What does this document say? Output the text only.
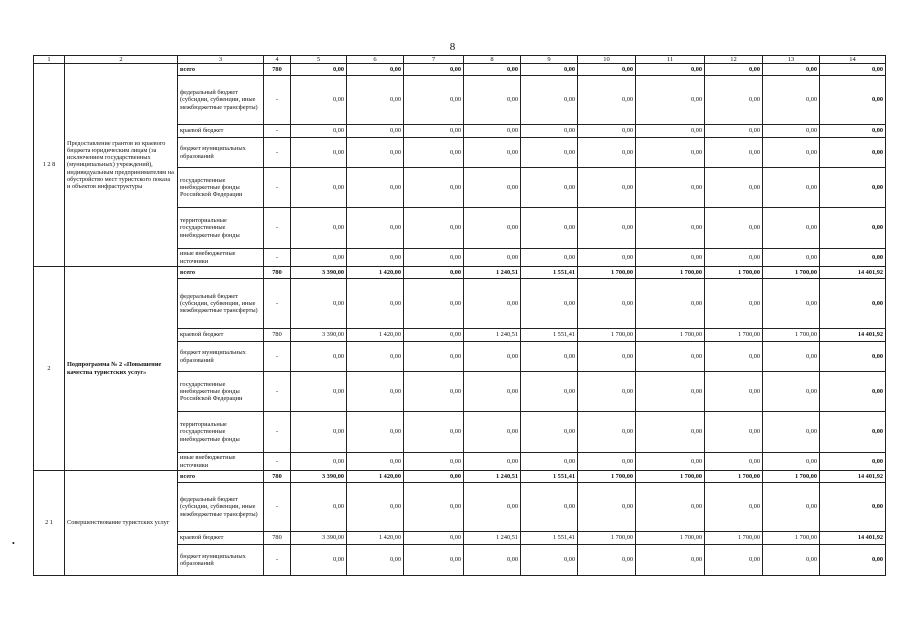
8
•
1	2	3	4	5	6	7	8	9	10	11	12	13	14
1 2 8	Предоставление грантов из краевого бюджета юридическим лицам (за исключением государственных (муниципальных) учреждений), индивидуальным предпринимателям на обустройство мест туристского показа и объектов инфраструктуры	всего	780	0,00	0,00	0,00	0,00	0,00	0,00	0,00	0,00	0,00	0,00
		федеральный бюджет (субсидии, субвенции, иные межбюджетные трансферты)	-	0,00	0,00	0,00	0,00	0,00	0,00	0,00	0,00	0,00	0,00
		краевой бюджет	-	0,00	0,00	0,00	0,00	0,00	0,00	0,00	0,00	0,00	0,00
		бюджет муниципальных образований	-	0,00	0,00	0,00	0,00	0,00	0,00	0,00	0,00	0,00	0,00
		государственные внебюджетные фонды Российской Федерации	-	0,00	0,00	0,00	0,00	0,00	0,00	0,00	0,00	0,00	0,00
		территориальные государственные внебюджетные фонды	-	0,00	0,00	0,00	0,00	0,00	0,00	0,00	0,00	0,00	0,00
		иные внебюджетные источники	-	0,00	0,00	0,00	0,00	0,00	0,00	0,00	0,00	0,00	0,00
2	Подпрограмма № 2 «Повышение качества туристских услуг»	всего	780	3 390,00	1 420,00	0,00	1 240,51	1 551,41	1 700,00	1 700,00	1 700,00	1 700,00	14 401,92
		федеральный бюджет (субсидии, субвенции, иные межбюджетные трансферты)	-	0,00	0,00	0,00	0,00	0,00	0,00	0,00	0,00	0,00	0,00
		краевой бюджет	780	3 390,00	1 420,00	0,00	1 240,51	1 551,41	1 700,00	1 700,00	1 700,00	1 700,00	14 401,92
		бюджет муниципальных образований	-	0,00	0,00	0,00	0,00	0,00	0,00	0,00	0,00	0,00	0,00
		государственные внебюджетные фонды Российской Федерации	-	0,00	0,00	0,00	0,00	0,00	0,00	0,00	0,00	0,00	0,00
		территориальные государственные внебюджетные фонды	-	0,00	0,00	0,00	0,00	0,00	0,00	0,00	0,00	0,00	0,00
		иные внебюджетные источники	-	0,00	0,00	0,00	0,00	0,00	0,00	0,00	0,00	0,00	0,00
2 1	Совершенствование туристских услуг	всего	780	3 390,00	1 420,00	0,00	1 240,51	1 551,41	1 700,00	1 700,00	1 700,00	1 700,00	14 401,92
		федеральный бюджет (субсидии, субвенции, иные межбюджетные трансферты)	-	0,00	0,00	0,00	0,00	0,00	0,00	0,00	0,00	0,00	0,00
		краевой бюджет	780	3 390,00	1 420,00	0,00	1 240,51	1 551,41	1 700,00	1 700,00	1 700,00	1 700,00	14 401,92
		бюджет муниципальных образований	-	0,00	0,00	0,00	0,00	0,00	0,00	0,00	0,00	0,00	0,00
